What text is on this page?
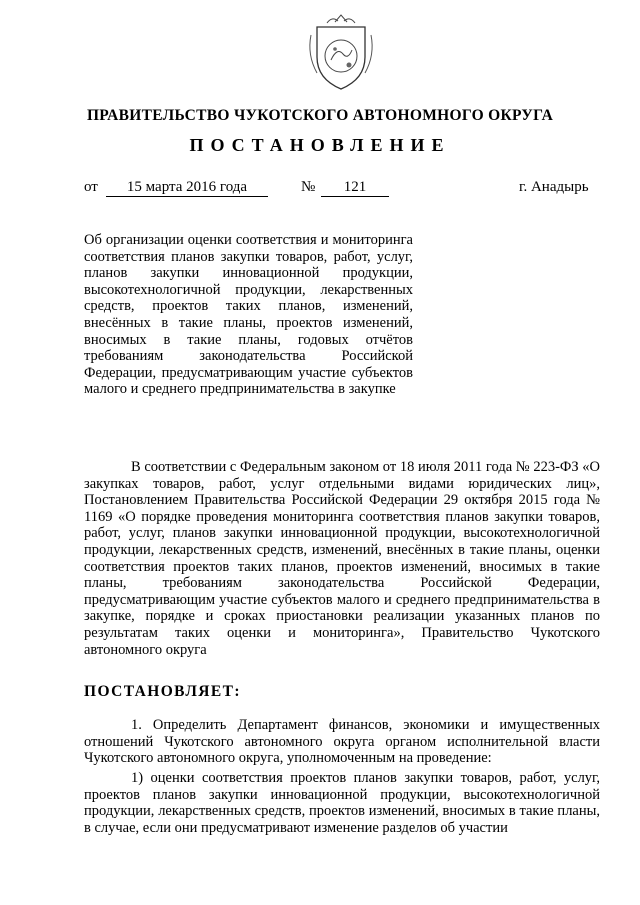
ПРАВИТЕЛЬСТВО ЧУКОТСКОГО АВТОНОМНОГО ОКРУГА
ПОСТАНОВЛЕНИЕ
от	15 марта 2016 года	№	121	г. Анадырь
Об организации оценки соответствия и мониторинга соответствия планов закупки товаров, работ, услуг, планов закупки инновационной продукции, высокотехнологичной продукции, лекарственных средств, проектов таких планов, изменений, внесённых в такие планы, проектов изменений, вносимых в такие планы, годовых отчётов требованиям законодательства Российской Федерации, предусматривающим участие субъектов малого и среднего предпринимательства в закупке
В соответствии с Федеральным законом от 18 июля 2011 года № 223-ФЗ «О закупках товаров, работ, услуг отдельными видами юридических лиц», Постановлением Правительства Российской Федерации 29 октября 2015 года № 1169 «О порядке проведения мониторинга соответствия планов закупки товаров, работ, услуг, планов закупки инновационной продукции, высокотехнологичной продукции, лекарственных средств, изменений, внесённых в такие планы, оценки соответствия проектов таких планов, проектов изменений, вносимых в такие планы, требованиям законодательства Российской Федерации, предусматривающим участие субъектов малого и среднего предпринимательства в закупке, порядке и сроках приостановки реализации указанных планов по результатам таких оценки и мониторинга», Правительство Чукотского автономного округа
ПОСТАНОВЛЯЕТ:
1. Определить Департамент финансов, экономики и имущественных отношений Чукотского автономного округа органом исполнительной власти Чукотского автономного округа, уполномоченным на проведение:
1) оценки соответствия проектов планов закупки товаров, работ, услуг, проектов планов закупки инновационной продукции, высокотехнологичной продукции, лекарственных средств, проектов изменений, вносимых в такие планы, в случае, если они предусматривают изменение разделов об участии
